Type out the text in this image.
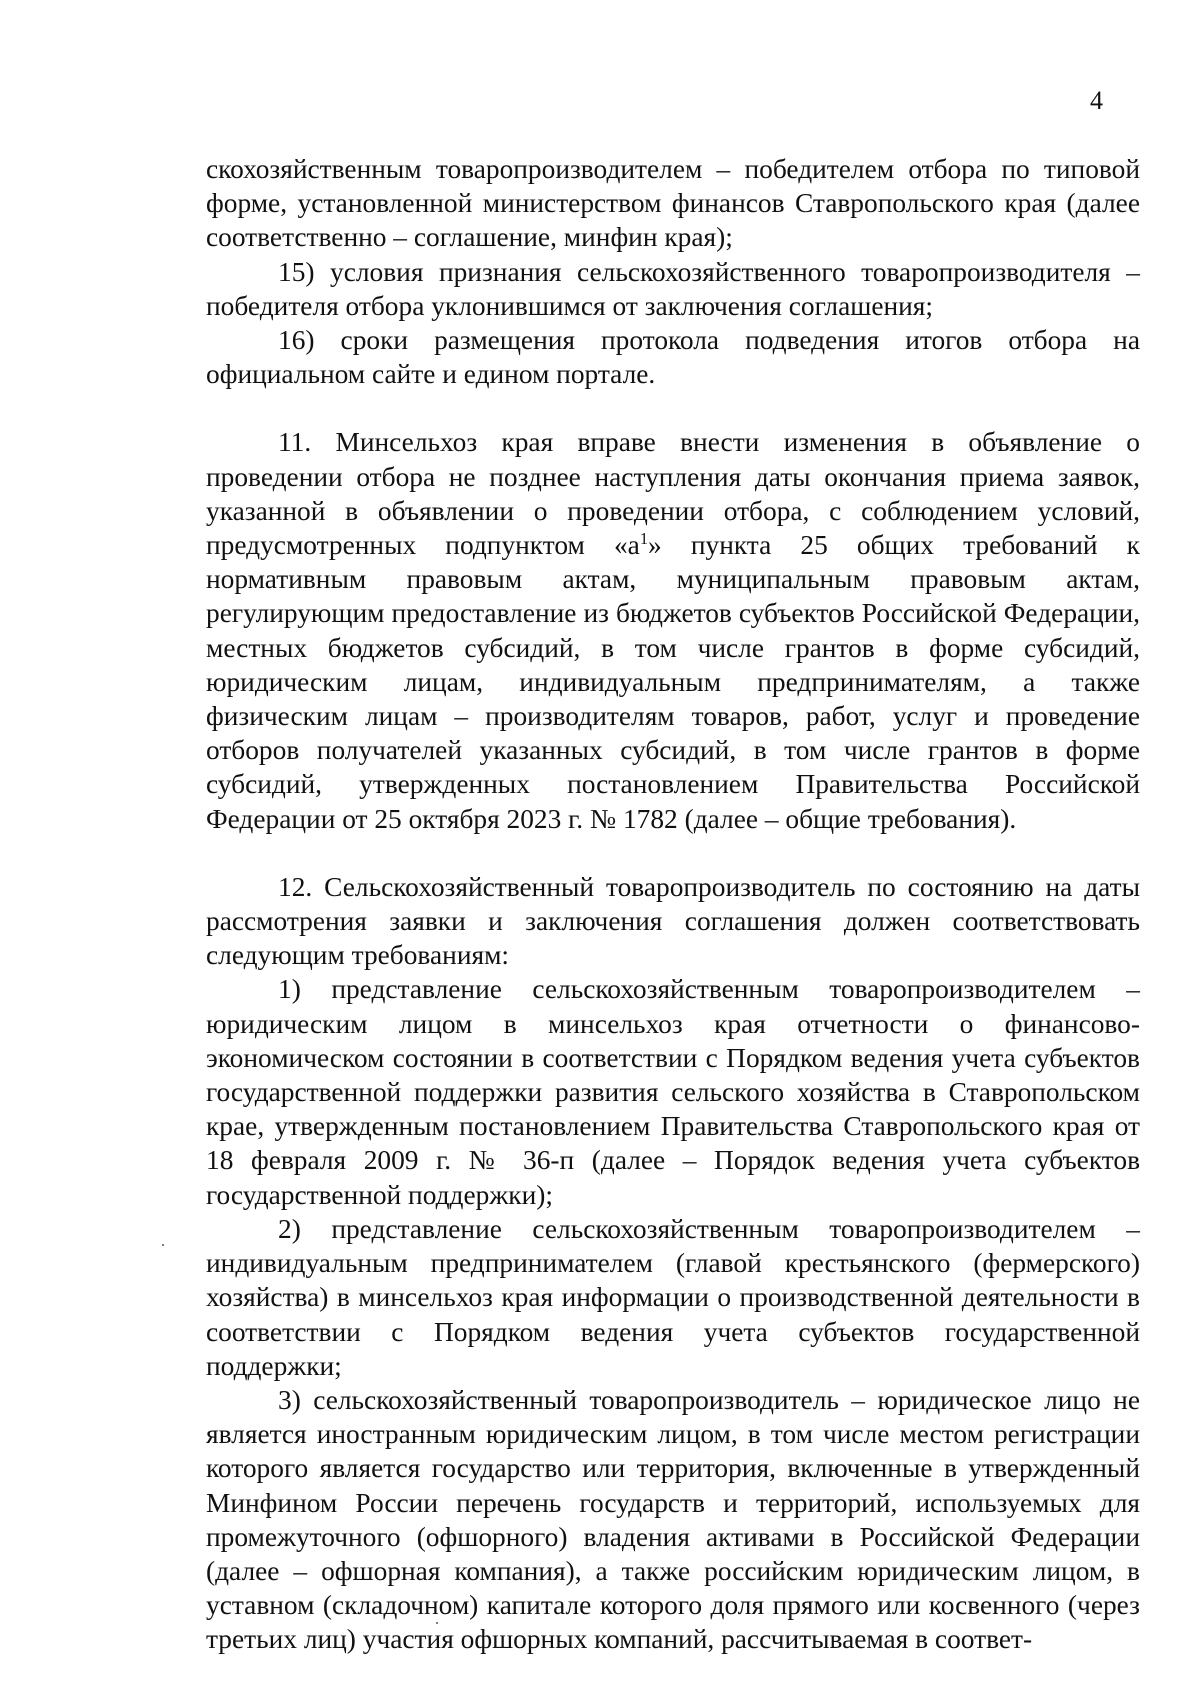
4

скохозяйственным товаропроизводителем – победителем отбора по типовой форме, установленной министерством финансов Ставропольского края (далее соответственно – соглашение, минфин края);

15) условия признания сельскохозяйственного товаропроизводителя – победителя отбора уклонившимся от заключения соглашения;

16) сроки размещения протокола подведения итогов отбора на официальном сайте и едином портале.

11. Минсельхоз края вправе внести изменения в объявление о проведении отбора не позднее наступления даты окончания приема заявок, указанной в объявлении о проведении отбора, с соблюдением условий, предусмотренных подпунктом «$а^1$» пункта 25 общих требований к нормативным правовым актам, муниципальным правовым актам, регулирующим предоставление из бюджетов субъектов Российской Федерации, местных бюджетов субсидий, в том числе грантов в форме субсидий, юридическим лицам, индивидуальным предпринимателям, а также физическим лицам – производителям товаров, работ, услуг и проведение отборов получателей указанных субсидий, в том числе грантов в форме субсидий, утвержденных постановлением Правительства Российской Федерации от 25 октября 2023 г. № 1782 (далее – общие требования).

12. Сельскохозяйственный товаропроизводитель по состоянию на даты рассмотрения заявки и заключения соглашения должен соответствовать следующим требованиям:

1) представление сельскохозяйственным товаропроизводителем – юридическим лицом в минсельхоз края отчетности о финансово-экономическом состоянии в соответствии с Порядком ведения учета субъектов государственной поддержки развития сельского хозяйства в Ставропольском крае, утвержденным постановлением Правительства Ставропольского края от 18 февраля 2009 г. № 36-п (далее – Порядок ведения учета субъектов государственной поддержки);

2) представление сельскохозяйственным товаропроизводителем – индивидуальным предпринимателем (главой крестьянского (фермерского) хозяйства) в минсельхоз края информации о производственной деятельности в соответствии с Порядком ведения учета субъектов государственной поддержки;

3) сельскохозяйственный товаропроизводитель – юридическое лицо не является иностранным юридическим лицом, в том числе местом регистрации которого является государство или территория, включенные в утвержденный Минфином России перечень государств и территорий, используемых для промежуточного (офшорного) владения активами в Российской Федерации (далее – офшорная компания), а также российским юридическим лицом, в уставном (складочном) капитале которого доля прямого или косвенного (через третьих лиц) участия офшорных компаний, рассчитываемая в соответ-
